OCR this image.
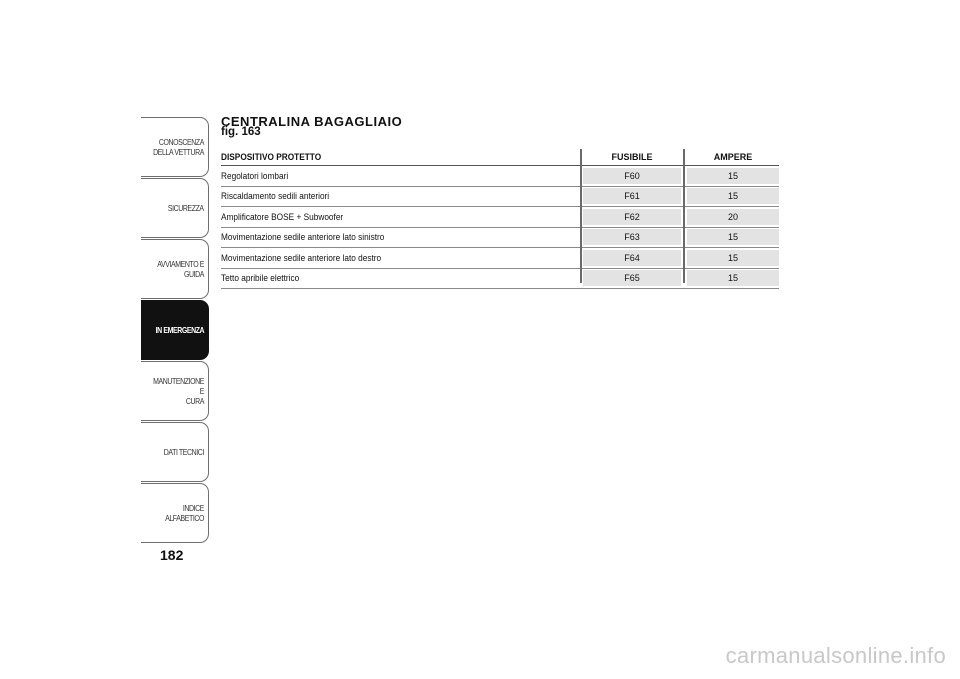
CONOSCENZA
DELLA VETTURA
SICUREZZA
AVVIAMENTO E
GUIDA
IN EMERGENZA
MANUTENZIONE E
CURA
DATI TECNICI
INDICE ALFABETICO
182
CENTRALINA BAGAGLIAIO
fig. 163
DISPOSITIVO PROTETTO	FUSIBILE	AMPERE
Regolatori lombari	F60	15
Riscaldamento sedili anteriori	F61	15
Amplificatore BOSE + Subwoofer	F62	20
Movimentazione sedile anteriore lato sinistro	F63	15
Movimentazione sedile anteriore lato destro	F64	15
Tetto apribile elettrico	F65	15
carmanualsonline.info
